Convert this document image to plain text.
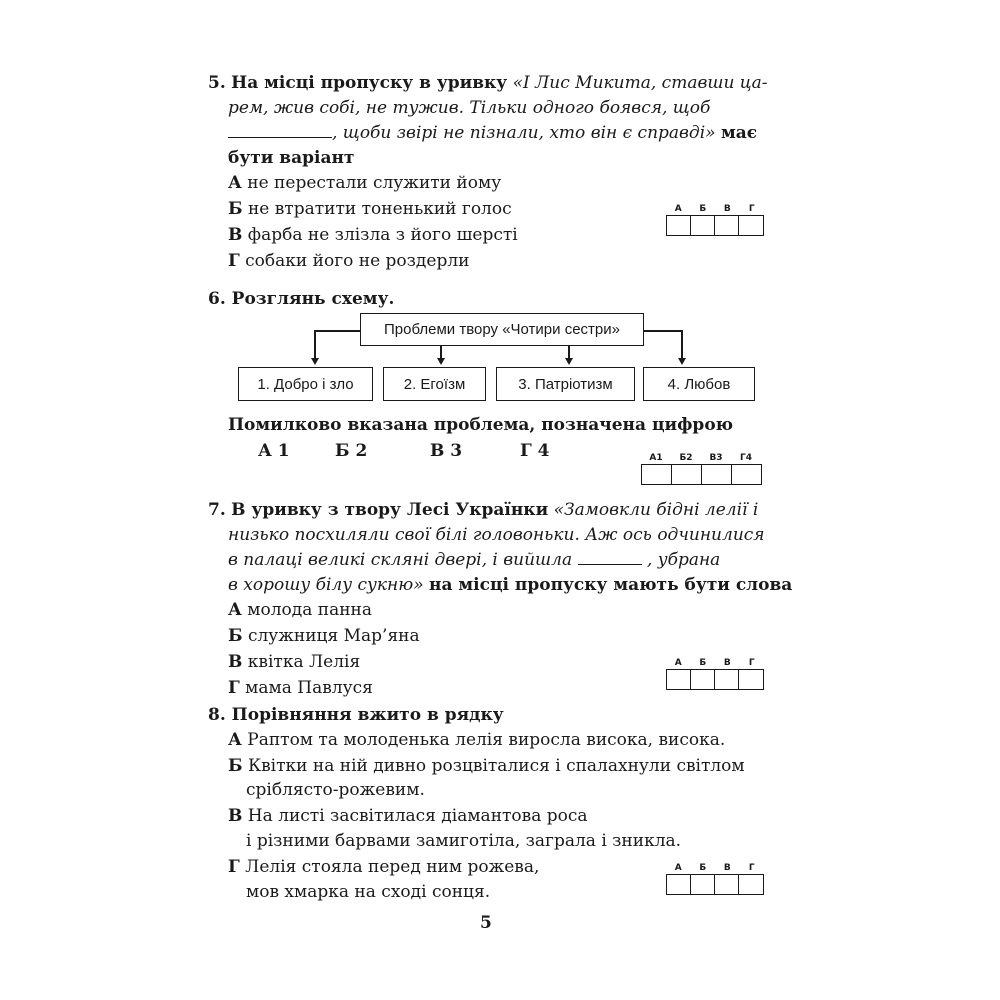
5. На місці пропуску в уривку «І Лис Микита, ставши ца-
рем, жив собі, не тужив. Тільки одного боявся, щоб
, щоби звірі не пізнали, хто він є справді» має
бути варіант
А не перестали служити йому
Б не втратити тоненький голос
В фарба не злізла з його шерсті
Г собаки його не роздерли
А	Б	В	Г
6. Розглянь схему.
Проблеми твору «Чотири сестри»
1. Добро і зло	2. Егоїзм	3. Патріотизм	4. Любов
Помилково вказана проблема, позначена цифрою
А 1	Б 2	В 3	Г 4	А1	Б2	В3	Г4
7. В уривку з твору Лесі Українки «Замовкли бідні лелії і
низько посхиляли свої білі головоньки. Аж ось одчинилися
в палаці великі скляні двері, і вийшла	, убрана
в хорошу білу сукню» на місці пропуску мають бути слова
А молода панна
Б служниця Мар’яна
В квітка Лелія
Г мама Павлуся
А	Б	В	Г
8. Порівняння вжито в рядку
А Раптом та молоденька лелія виросла висока, висока.
Б Квітки на ній дивно розцвіталися і спалахнули світлом
сріблясто-рожевим.
В На листі засвітилася діамантова роса
і різними барвами замиготіла, заграла і зникла.
Г Лелія стояла перед ним рожева,
мов хмарка на сході сонця.
А	Б	В	Г
5
